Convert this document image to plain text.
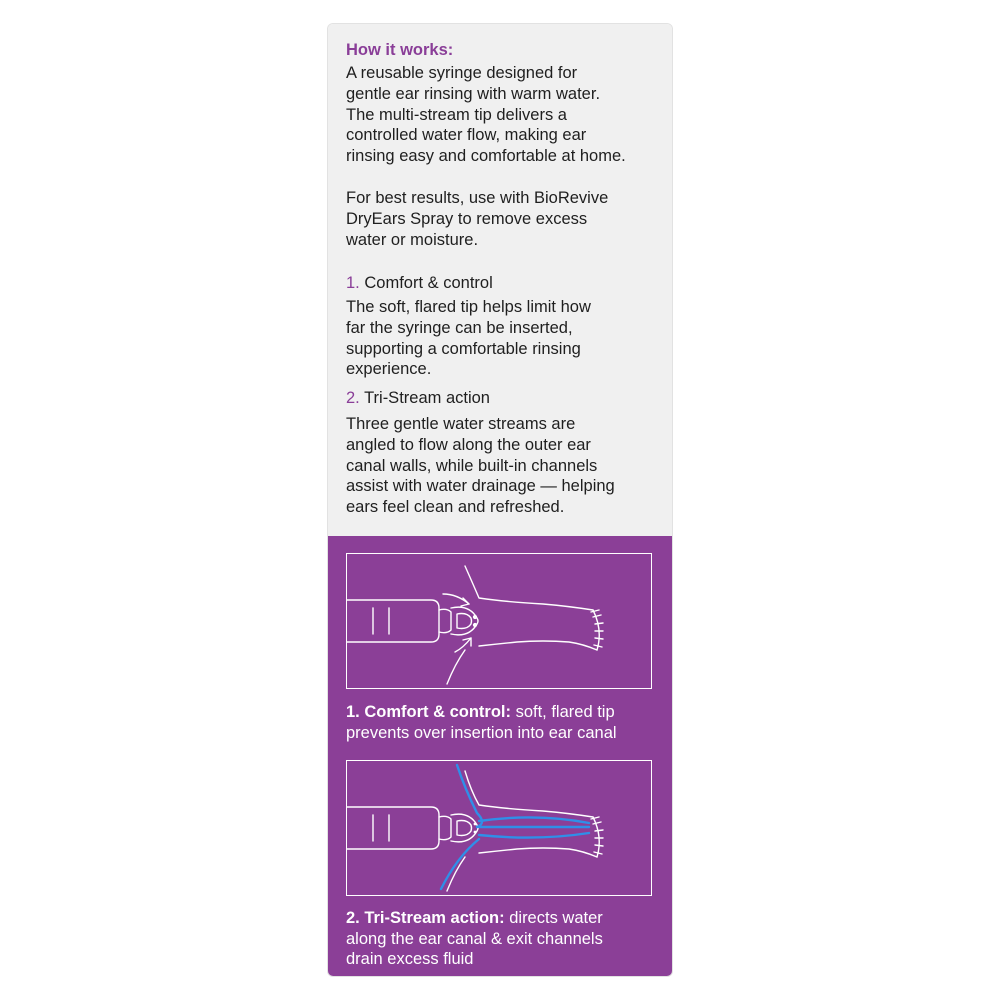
How it works:
A reusable syringe designed for
gentle ear rinsing with warm water.
The multi-stream tip delivers a
controlled water flow, making ear
rinsing easy and comfortable at home.
For best results, use with BioRevive
DryEars Spray to remove excess
water or moisture.
1. Comfort & control
The soft, flared tip helps limit how
far the syringe can be inserted,
supporting a comfortable rinsing
experience.
2. Tri-Stream action
Three gentle water streams are
angled to flow along the outer ear
canal walls, while built-in channels
assist with water drainage — helping
ears feel clean and refreshed.
1. Comfort & control: soft, flared tip
prevents over insertion into ear canal
2. Tri-Stream action: directs water
along the ear canal & exit channels
drain excess fluid
